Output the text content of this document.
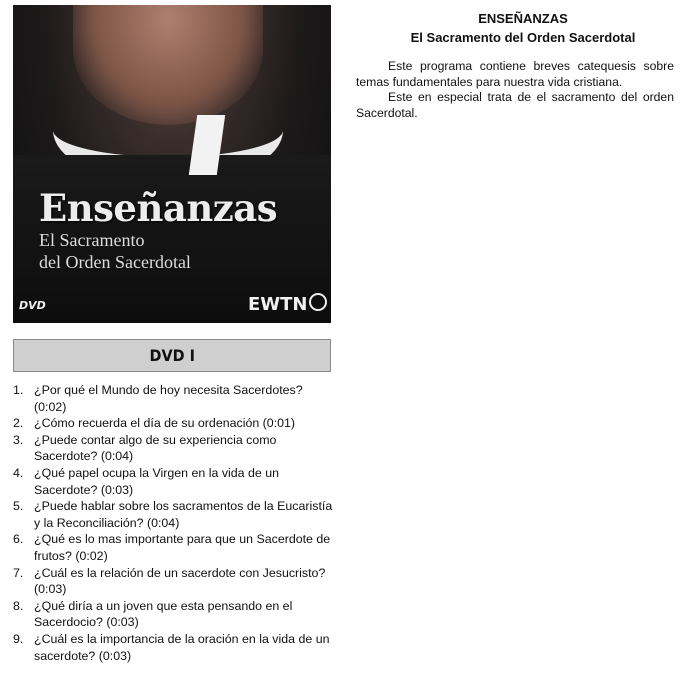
Enseñanzas
El Sacramento
del Orden Sacerdotal
DVD	EWTN
ENSEÑANZAS
El Sacramento del Orden Sacerdotal

Este programa contiene breves catequesis sobre temas fundamentales para nuestra vida cristiana.

Este en especial trata de el sacramento del orden Sacerdotal.

DVD I
1. ¿Por qué el Mundo de hoy necesita Sacerdotes? (0:02)
2. ¿Cómo recuerda el día de su ordenación (0:01)
3. ¿Puede contar algo de su experiencia como Sacerdote? (0:04)
4. ¿Qué papel ocupa la Virgen en la vida de un Sacerdote? (0:03)
5. ¿Puede hablar sobre los sacramentos de la Eucaristía y la Reconciliación? (0:04)
6. ¿Qué es lo mas importante para que un Sacerdote de frutos? (0:02)
7. ¿Cuál es la relación de un sacerdote con Jesucristo? (0:03)
8. ¿Qué diría a un joven que esta pensando en el Sacerdocio? (0:03)
9. ¿Cuál es la importancia de la oración en la vida de un sacerdote? (0:03)
